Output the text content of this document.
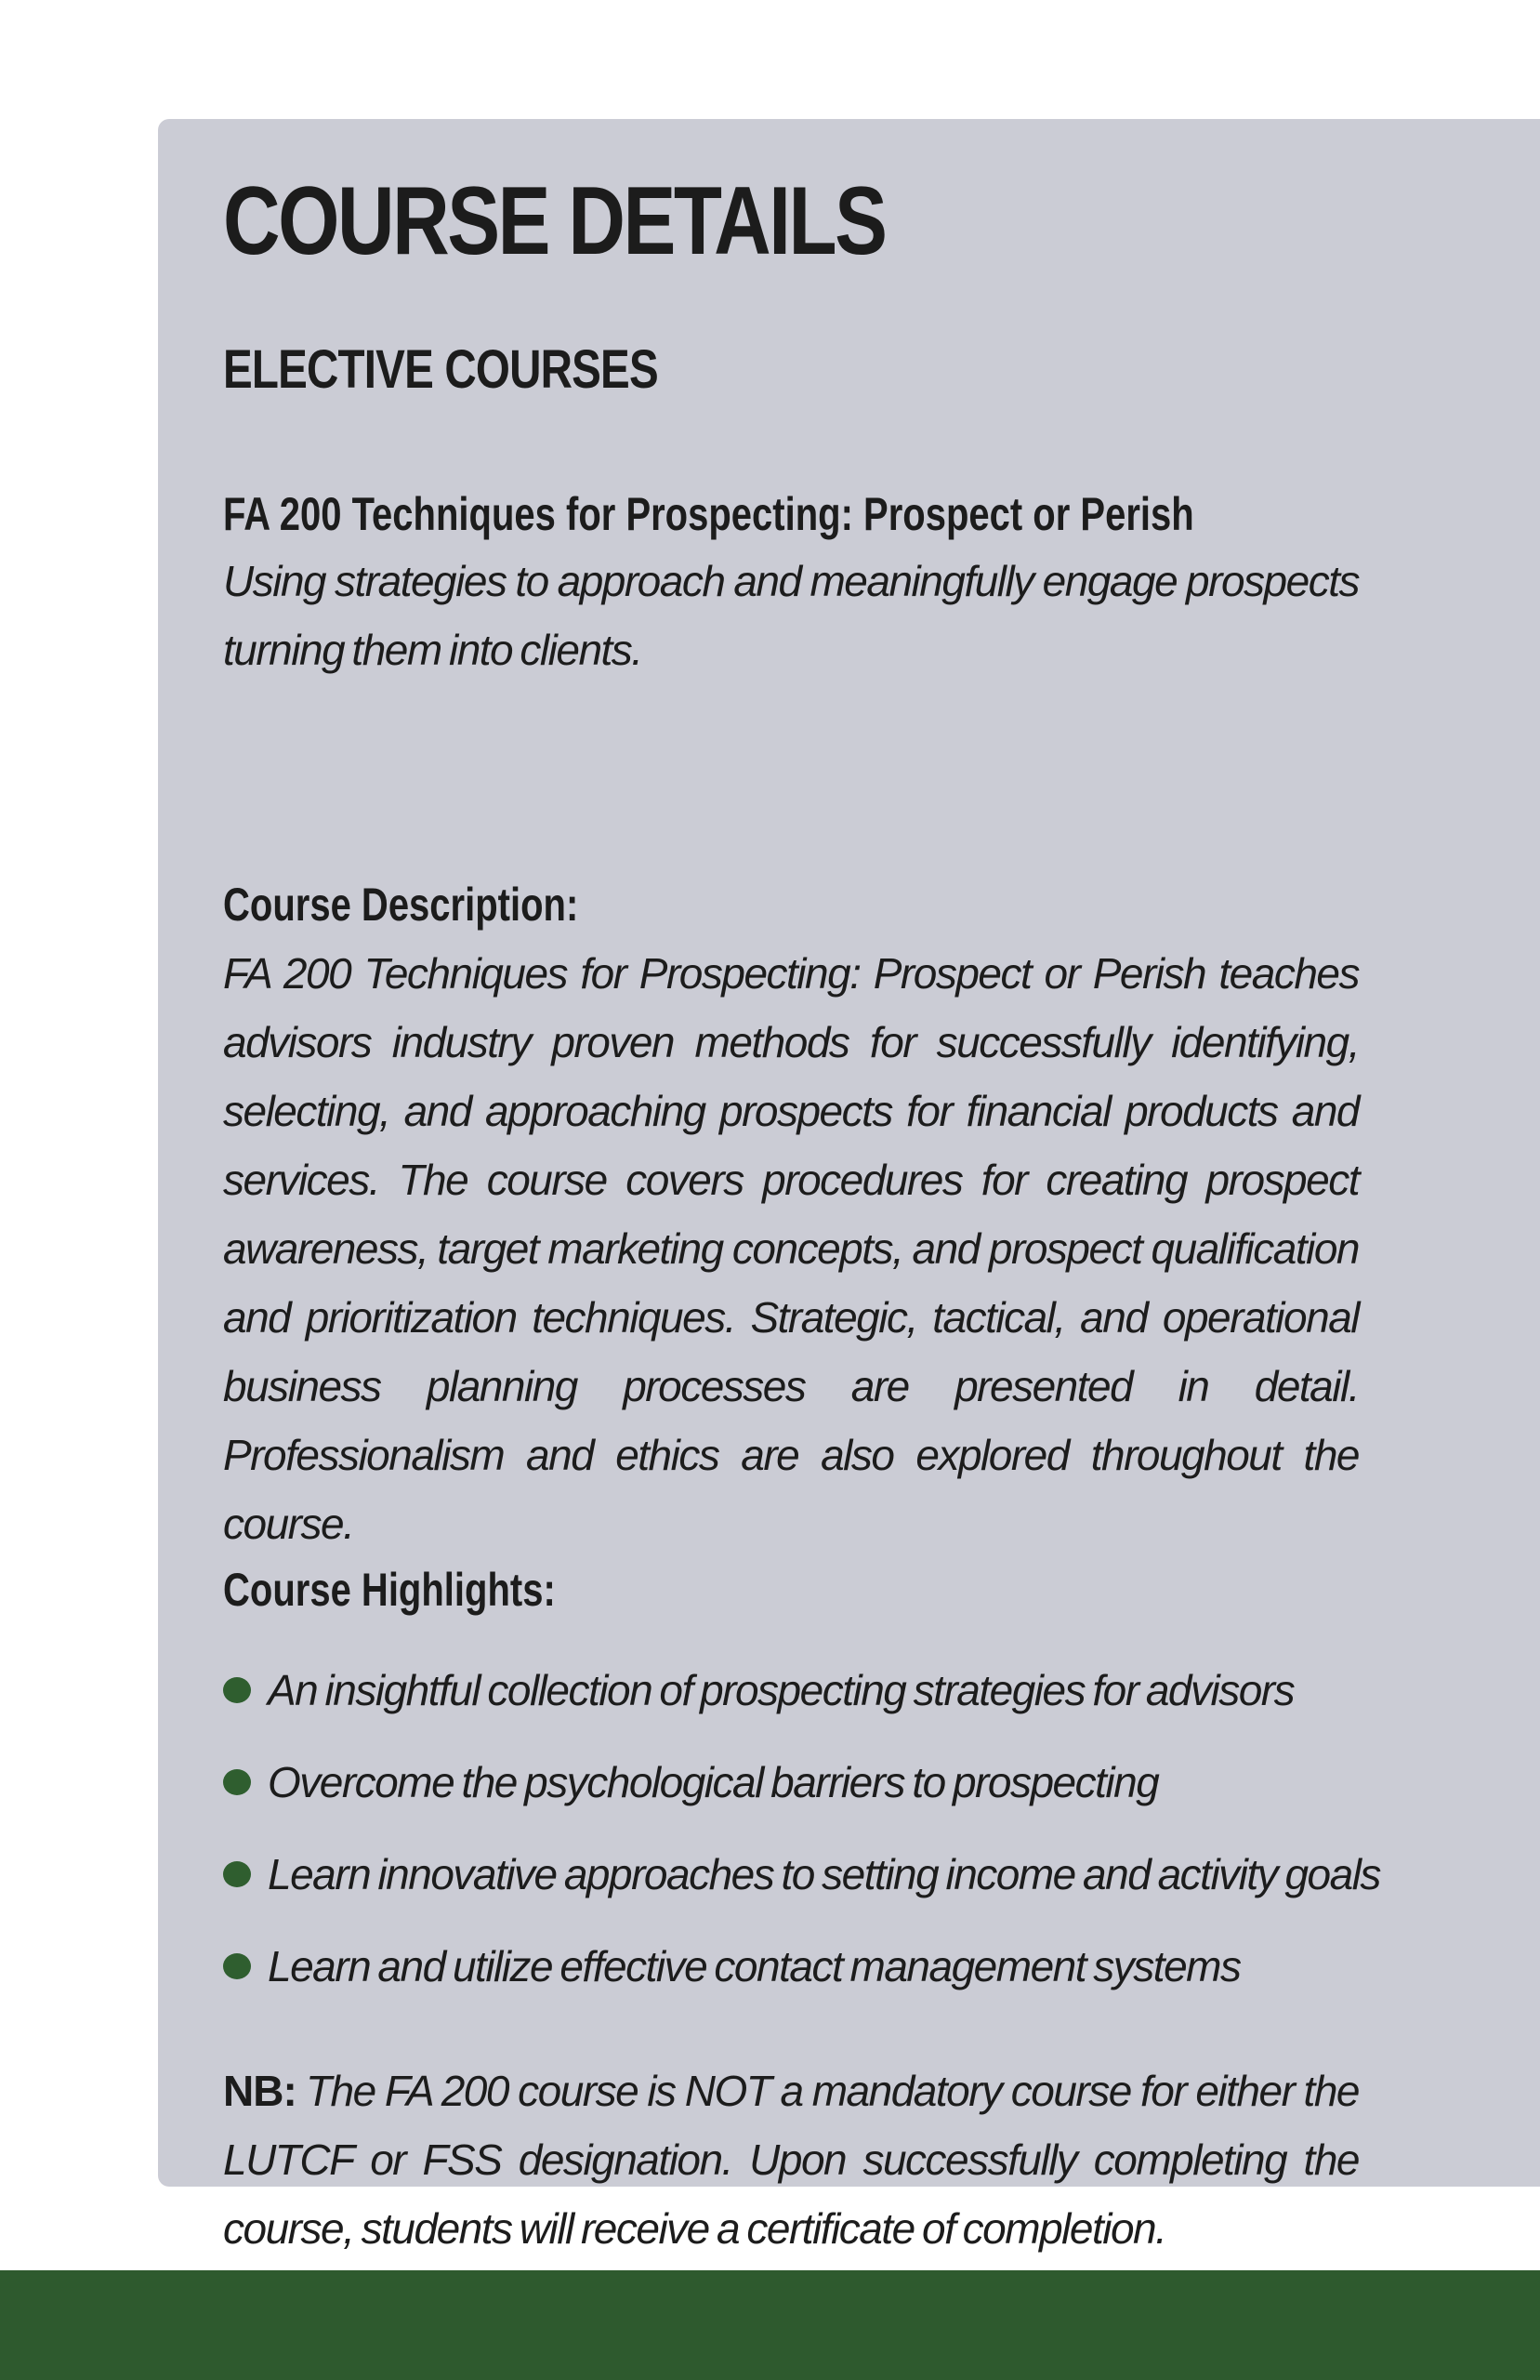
COURSE DETAILS
ELECTIVE COURSES
FA 200 Techniques for Prospecting: Prospect or Perish
Using strategies to approach and meaningfully engage prospects turning them into clients.
Course Description:
FA 200 Techniques for Prospecting: Prospect or Perish teaches advisors industry proven methods for successfully identifying, selecting, and approaching prospects for financial products and services. The course covers procedures for creating prospect awareness, target marketing concepts, and prospect qualification and prioritization techniques. Strategic, tactical, and operational business planning processes are presented in detail. Professionalism and ethics are also explored throughout the course.
Course Highlights:
An insightful collection of prospecting strategies for advisors
Overcome the psychological barriers to prospecting
Learn innovative approaches to setting income and activity goals
Learn and utilize effective contact management systems
NB: The FA 200 course is NOT a mandatory course for either the LUTCF or FSS designation. Upon successfully completing the course, students will receive a certificate of completion.
